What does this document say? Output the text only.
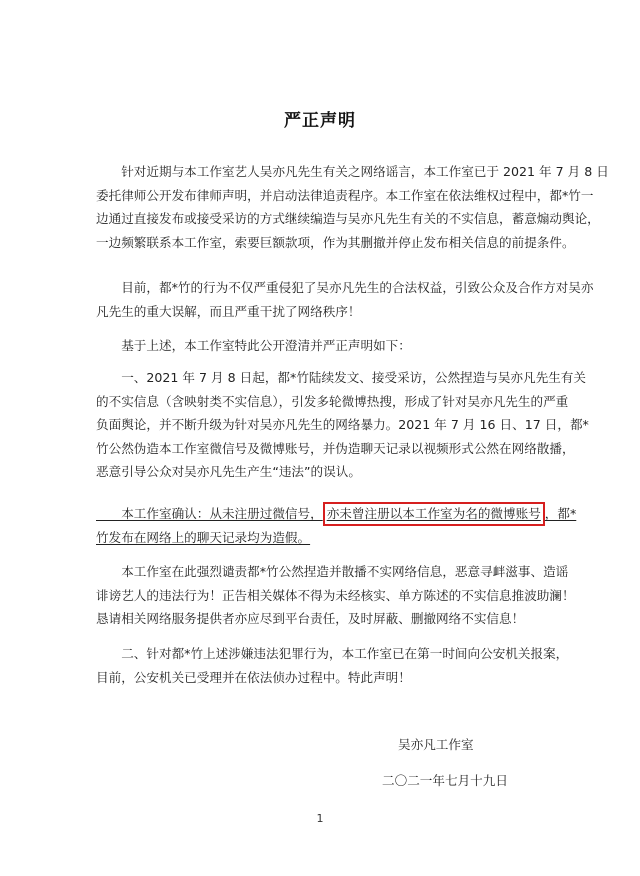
严正声明
　　针对近期与本工作室艺人吴亦凡先生有关之网络谣言，本工作室已于 2021 年 7 月 8 日
委托律师公开发布律师声明，并启动法律追责程序。本工作室在依法维权过程中，都*竹一
边通过直接发布或接受采访的方式继续编造与吴亦凡先生有关的不实信息，蓄意煽动舆论，
一边频繁联系本工作室，索要巨额款项，作为其删撤并停止发布相关信息的前提条件。
　　目前，都*竹的行为不仅严重侵犯了吴亦凡先生的合法权益，引致公众及合作方对吴亦
凡先生的重大误解，而且严重干扰了网络秩序！
　　基于上述，本工作室特此公开澄清并严正声明如下：
　　一、2021 年 7 月 8 日起，都*竹陆续发文、接受采访，公然捏造与吴亦凡先生有关
的不实信息（含映射类不实信息），引发多轮微博热搜，形成了针对吴亦凡先生的严重
负面舆论，并不断升级为针对吴亦凡先生的网络暴力。2021 年 7 月 16 日、17 日，都*
竹公然伪造本工作室微信号及微博账号，并伪造聊天记录以视频形式公然在网络散播，
恶意引导公众对吴亦凡先生产生“违法”的误认。
　　本工作室确认：从未注册过微信号， 亦未曾注册以本工作室为名的微博账号 ，都*
竹发布在网络上的聊天记录均为造假。
　　本工作室在此强烈谴责都*竹公然捏造并散播不实网络信息，恶意寻衅滋事、造谣
诽谤艺人的违法行为！正告相关媒体不得为未经核实、单方陈述的不实信息推波助澜！
恳请相关网络服务提供者亦应尽到平台责任，及时屏蔽、删撤网络不实信息！
　　二、针对都*竹上述涉嫌违法犯罪行为，本工作室已在第一时间向公安机关报案，
目前，公安机关已受理并在依法侦办过程中。特此声明！
吴亦凡工作室
二〇二一年七月十九日
1
